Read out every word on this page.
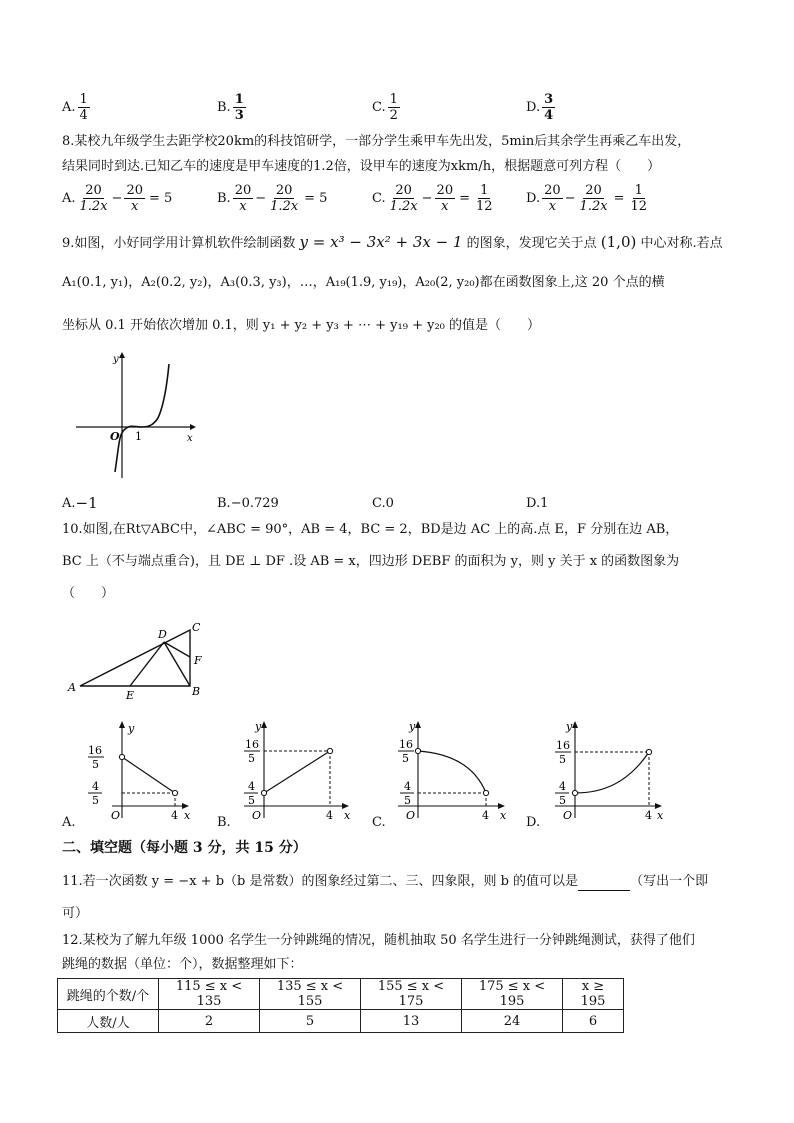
A. $\frac{1}{4}$	B. $\frac{1}{3}$	C. $\frac{1}{2}$	D. $\frac{3}{4}$
8.某校九年级学生去距学校20km的科技馆研学，一部分学生乘甲车先出发，5min后其余学生再乘乙车出发，
结果同时到达.已知乙车的速度是甲车速度的1.2倍，设甲车的速度为xkm/h，根据题意可列方程（　　）
A. $\frac{20}{1.2x} - \frac{20}{x} = 5$	B. $\frac{20}{x} - \frac{20}{1.2x} = 5$	C. $\frac{20}{1.2x} - \frac{20}{x} = \frac{1}{12} D$. $\frac{20}{x} - \frac{20}{1.2x} = \frac{1}{12}$
9.如图，小好同学用计算机软件绘制函数 y = x³ − 3x² + 3x − 1 的图象，发现它关于点 (1,0) 中心对称.若点
A₁(0.1, y₁)，A₂(0.2, y₂)，A₃(0.3, y₃)，…，A₁₉(1.9, y₁₉)，A₂₀(2, y₂₀)都在函数图象上,这 20 个点的横
坐标从 0.1 开始依次增加 0.1，则 y₁ + y₂ + y₃ + ⋯ + y₁₉ + y₂₀ 的值是（　　）
y
x
O 1
A. −1	B. −0.729	C. 0	D. 1
10.如图,在Rt▽ABC中，∠ABC = 90°，AB = 4，BC = 2，BD是边 AC 上的高.点 E，F 分别在边 AB，
BC 上（不与端点重合)，且 DE ⊥ DF .设 AB = x，四边形 DEBF 的面积为 y，则 y 关于 x 的函数图象为
（　　）
A	B
C
D
E
F
A.
16
5
4
5
y
x
O	4	B.
16
5
4
5
y
x
O	4	C.
16
5
4
5
y
x
O	4	D.
16
5
4
5
y
x
O	4
二、填空题（每小题 3 分，共 15 分）
11.若一次函数 y = −x + b（b 是常数）的图象经过第二、三、四象限，则 b 的值可以是	（写出一个即
可）
12.某校为了解九年级 1000 名学生一分钟跳绳的情况，随机抽取 50 名学生进行一分钟跳绳测试，获得了他们
跳绳的数据（单位：个），数据整理如下：
跳绳的个数/个	115 ≤ x < 135	135 ≤ x < 155	155 ≤ x < 175	175 ≤ x < 195	x ≥ 195
人数/人	2	5	13	24	6
